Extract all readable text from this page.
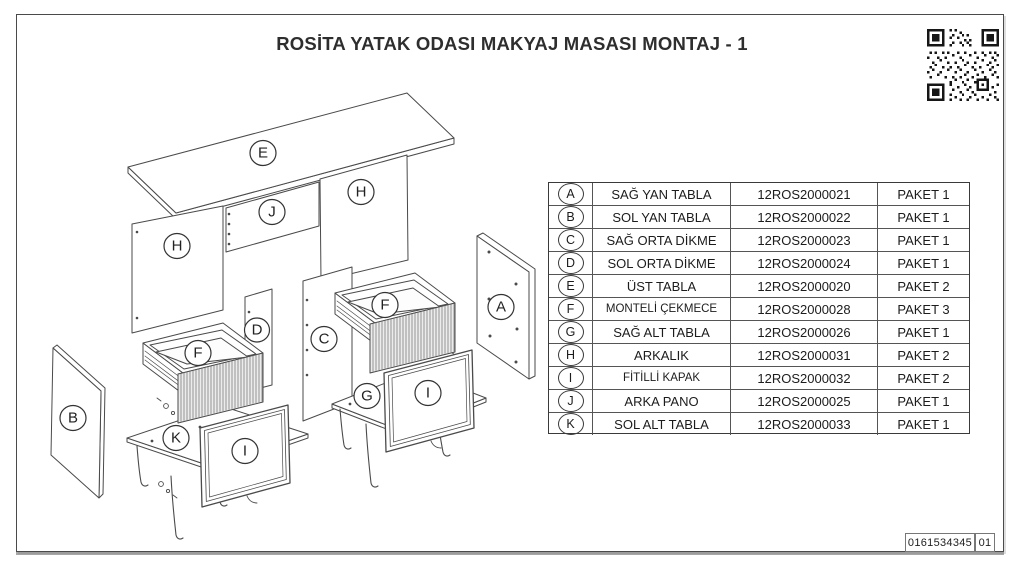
E
J
H
H
B
D
F
C
F
K
G
I
I
A
ROSİTA YATAK ODASI MAKYAJ MASASI MONTAJ - 1
A	SAĞ YAN TABLA	12ROS2000021	PAKET 1
B	SOL YAN TABLA	12ROS2000022	PAKET 1
C	SAĞ ORTA DİKME	12ROS2000023	PAKET 1
D	SOL ORTA DİKME	12ROS2000024	PAKET 1
E	ÜST TABLA	12ROS2000020	PAKET 2
F	MONTELİ ÇEKMECE	12ROS2000028	PAKET 3
G	SAĞ ALT TABLA	12ROS2000026	PAKET 1
H	ARKALIK	12ROS2000031	PAKET 2
I	FİTİLLİ KAPAK	12ROS2000032	PAKET 2
J	ARKA PANO	12ROS2000025	PAKET 1
K	SOL ALT TABLA	12ROS2000033	PAKET 1
0161534345 01
